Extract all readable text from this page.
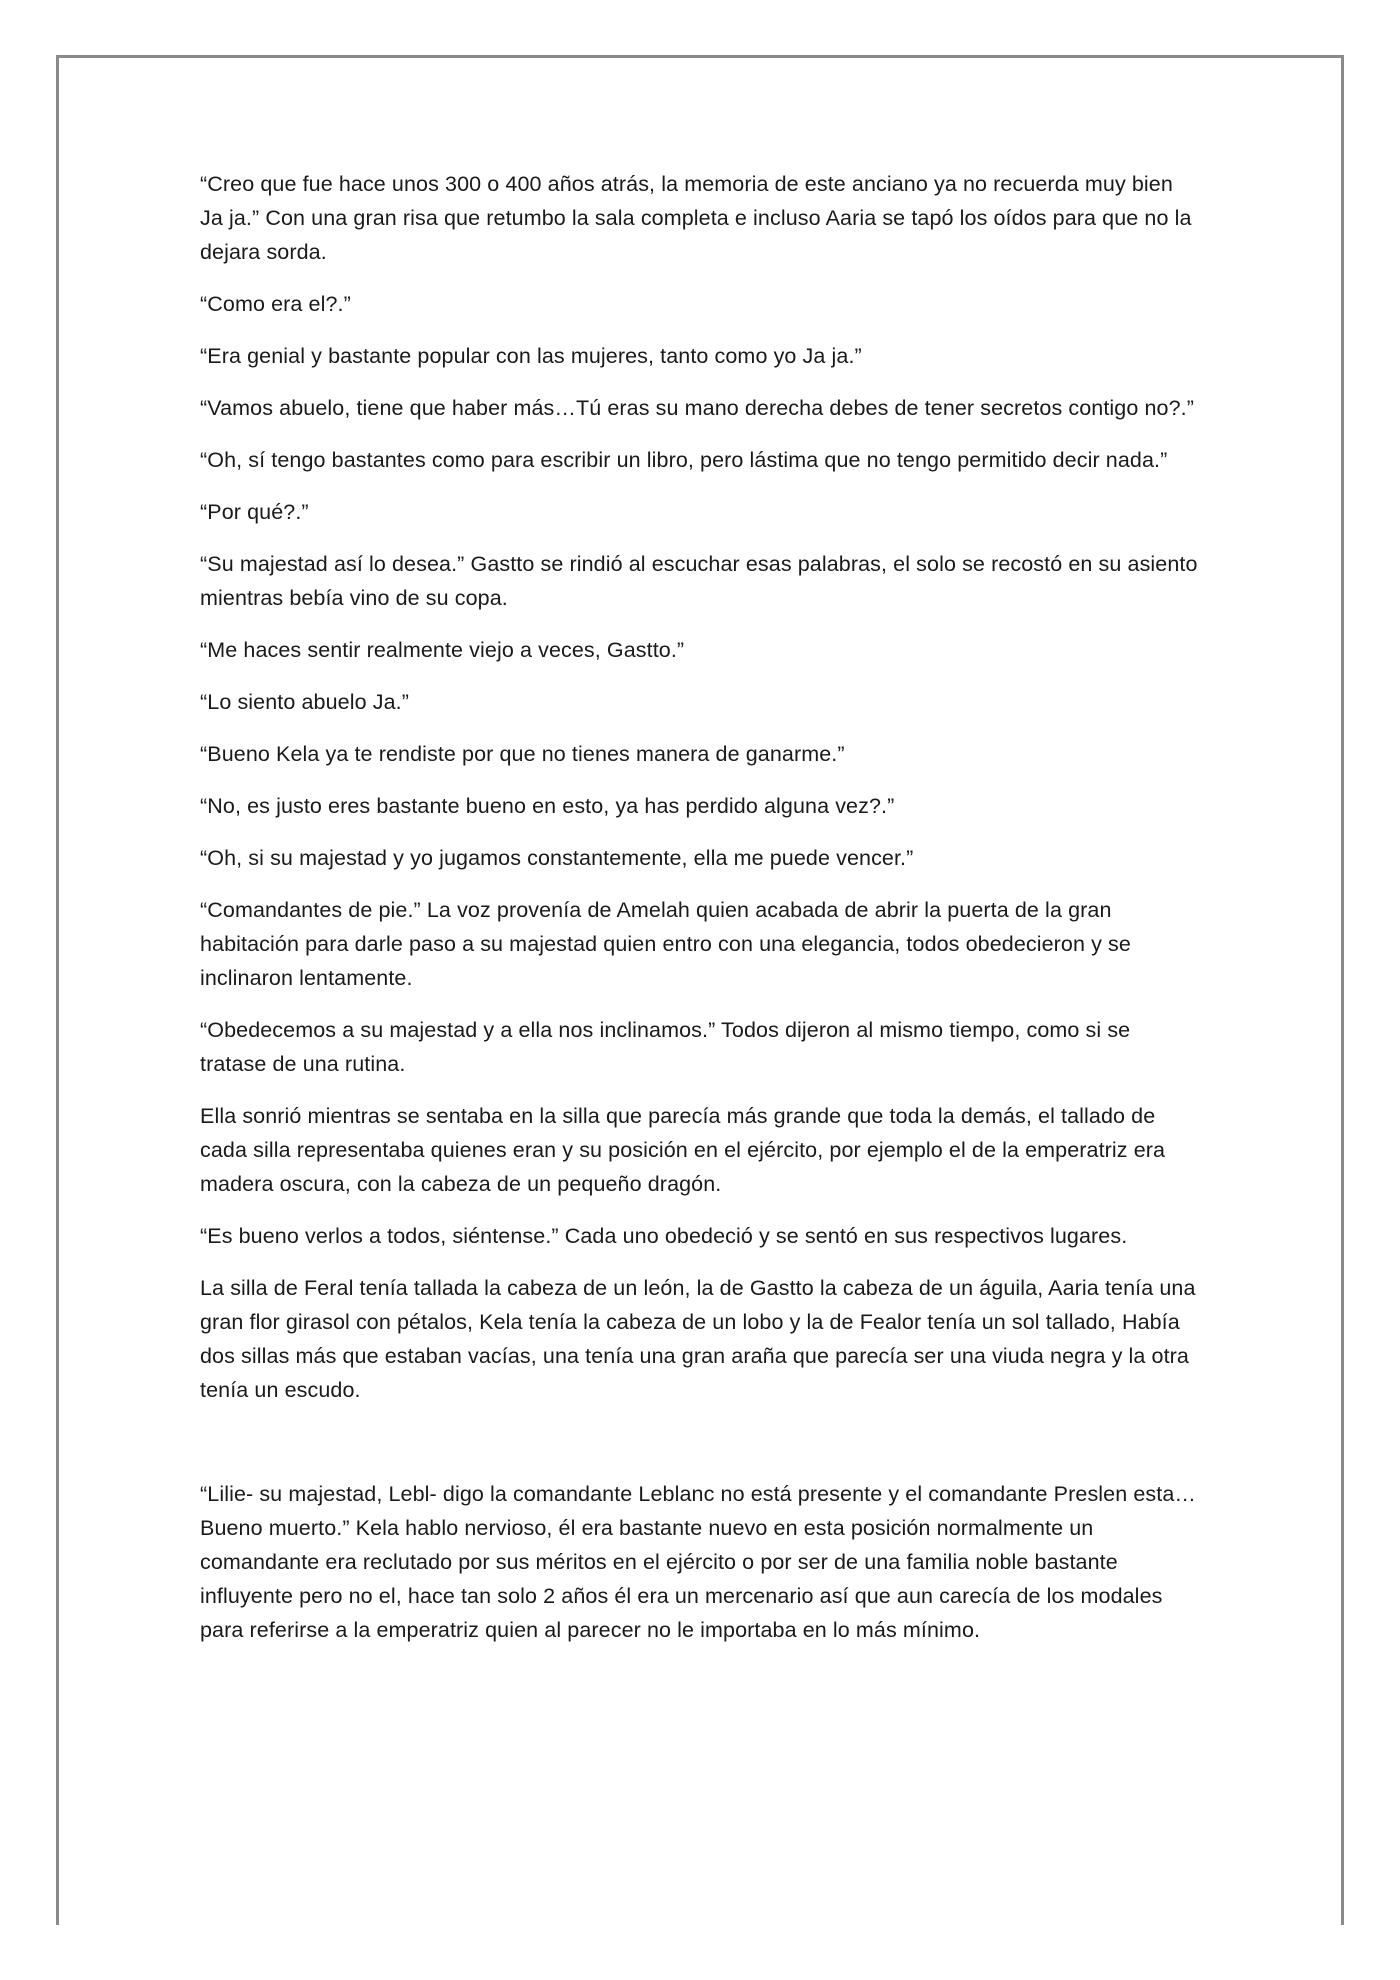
“Creo que fue hace unos 300 o 400 años atrás, la memoria de este anciano ya no recuerda muy bien Ja ja.” Con una gran risa que retumbo la sala completa e incluso Aaria se tapó los oídos para que no la dejara sorda.

“Como era el?.”

“Era genial y bastante popular con las mujeres, tanto como yo Ja ja.”

“Vamos abuelo, tiene que haber más…Tú eras su mano derecha debes de tener secretos contigo no?.”

“Oh, sí tengo bastantes como para escribir un libro, pero lástima que no tengo permitido decir nada.”

“Por qué?.”

“Su majestad así lo desea.” Gastto se rindió al escuchar esas palabras, el solo se recostó en su asiento mientras bebía vino de su copa.

“Me haces sentir realmente viejo a veces, Gastto.”

“Lo siento abuelo Ja.”

“Bueno Kela ya te rendiste por que no tienes manera de ganarme.”

“No, es justo eres bastante bueno en esto, ya has perdido alguna vez?.”

“Oh, si su majestad y yo jugamos constantemente, ella me puede vencer.”

“Comandantes de pie.” La voz provenía de Amelah quien acabada de abrir la puerta de la gran habitación para darle paso a su majestad quien entro con una elegancia, todos obedecieron y se inclinaron lentamente.

“Obedecemos a su majestad y a ella nos inclinamos.” Todos dijeron al mismo tiempo, como si se tratase de una rutina.

Ella sonrió mientras se sentaba en la silla que parecía más grande que toda la demás, el tallado de cada silla representaba quienes eran y su posición en el ejército, por ejemplo el de la emperatriz era madera oscura, con la cabeza de un pequeño dragón.

“Es bueno verlos a todos, siéntense.” Cada uno obedeció y se sentó en sus respectivos lugares.

La silla de Feral tenía tallada la cabeza de un león, la de Gastto la cabeza de un águila, Aaria tenía una gran flor girasol con pétalos, Kela tenía la cabeza de un lobo y la de Fealor tenía un sol tallado, Había dos sillas más que estaban vacías, una tenía una gran araña que parecía ser una viuda negra y la otra tenía un escudo.

“Lilie- su majestad, Lebl- digo la comandante Leblanc no está presente y el comandante Preslen esta…Bueno muerto.” Kela hablo nervioso, él era bastante nuevo en esta posición normalmente un comandante era reclutado por sus méritos en el ejército o por ser de una familia noble bastante influyente pero no el, hace tan solo 2 años él era un mercenario así que aun carecía de los modales para referirse a la emperatriz quien al parecer no le importaba en lo más mínimo.
